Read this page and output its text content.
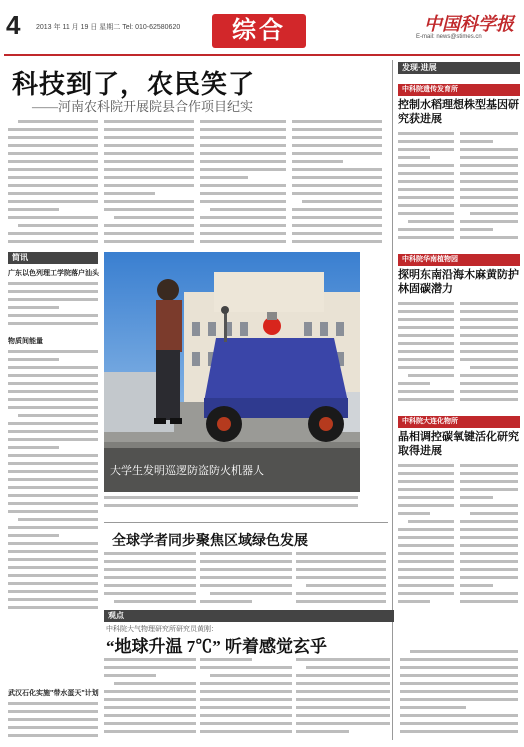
4 2013 年 11 月 19 日 星期二 Tel: 010-62580620	综合	中国科学报
E-mail: news@stimes.cn
科技到了，农民笑了
——河南农科院开展院县合作项目纪实
简讯
广东以色列理工学院落户汕头
物质间能量
大学生发明巡逻防盗防火机器人
全球学者同步聚焦区域绿色发展
观点
中科院大气物理研究所研究员黄刚：
“地球升温 7℃” 听着感觉玄乎
武汉石化实施"带水蛋天"计划
发现·进展
中科院遗传发育所
控制水稻理想株型基因研究获进展
中科院华南植物园
探明东南沿海木麻黄防护林固碳潜力
中科院大连化物所
晶相调控碳氧键活化研究取得进展
